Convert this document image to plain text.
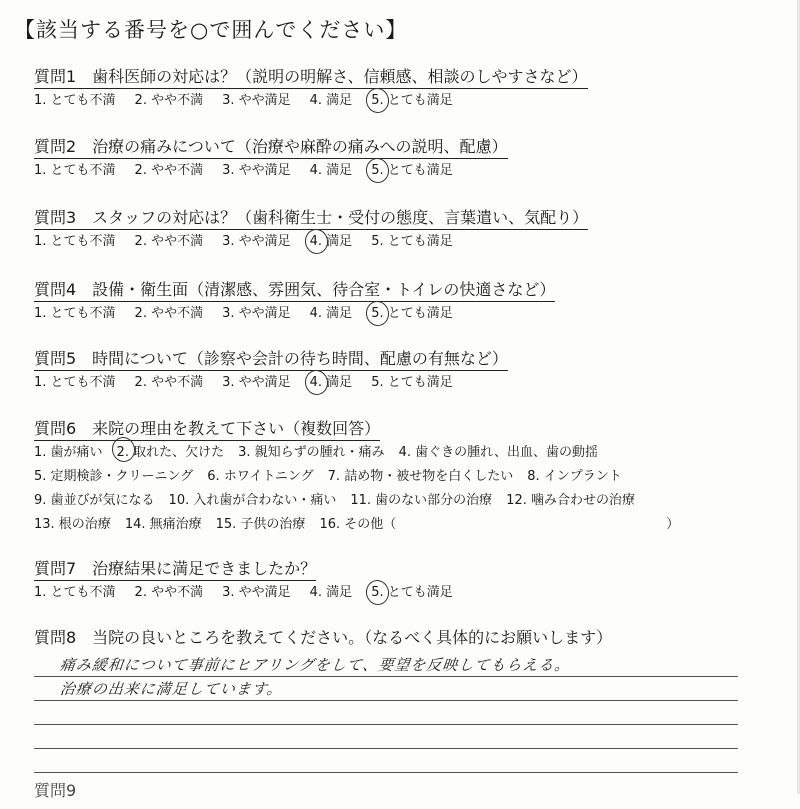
【該当する番号を○で囲んでください】
質問1　歯科医師の対応は？（説明の明解さ、信頼感、相談のしやすさなど）
1. とても不満 2. やや不満 3. やや満足 4. 満足 5. とても満足
質問2　治療の痛みについて（治療や麻酔の痛みへの説明、配慮）
1. とても不満 2. やや不満 3. やや満足 4. 満足 5. とても満足
質問3　スタッフの対応は？（歯科衛生士・受付の態度、言葉遣い、気配り）
1. とても不満 2. やや不満 3. やや満足 4. 満足 5. とても満足
質問4　設備・衛生面（清潔感、雰囲気、待合室・トイレの快適さなど）
1. とても不満 2. やや不満 3. やや満足 4. 満足 5. とても満足
質問5　時間について（診察や会計の待ち時間、配慮の有無など）
1. とても不満 2. やや不満 3. やや満足 4. 満足 5. とても満足
質問6　来院の理由を教えて下さい（複数回答）
1. 歯が痛い 2. 取れた、欠けた 3. 親知らずの腫れ・痛み 4. 歯ぐきの腫れ、出血、歯の動揺
5. 定期検診・クリーニング 6. ホワイトニング 7. 詰め物・被せ物を白くしたい 8. インプラント
9. 歯並びが気になる 10. 入れ歯が合わない・痛い 11. 歯のない部分の治療 12. 噛み合わせの治療
13. 根の治療 14. 無痛治療 15. 子供の治療 16. その他（	）
質問7　治療結果に満足できましたか？
1. とても不満 2. やや不満 3. やや満足 4. 満足 5. とても満足
質問8　当院の良いところを教えてください。（なるべく具体的にお願いします）
痛み緩和について事前にヒアリングをして、要望を反映してもらえる。
治療の出来に満足しています。
質問9
